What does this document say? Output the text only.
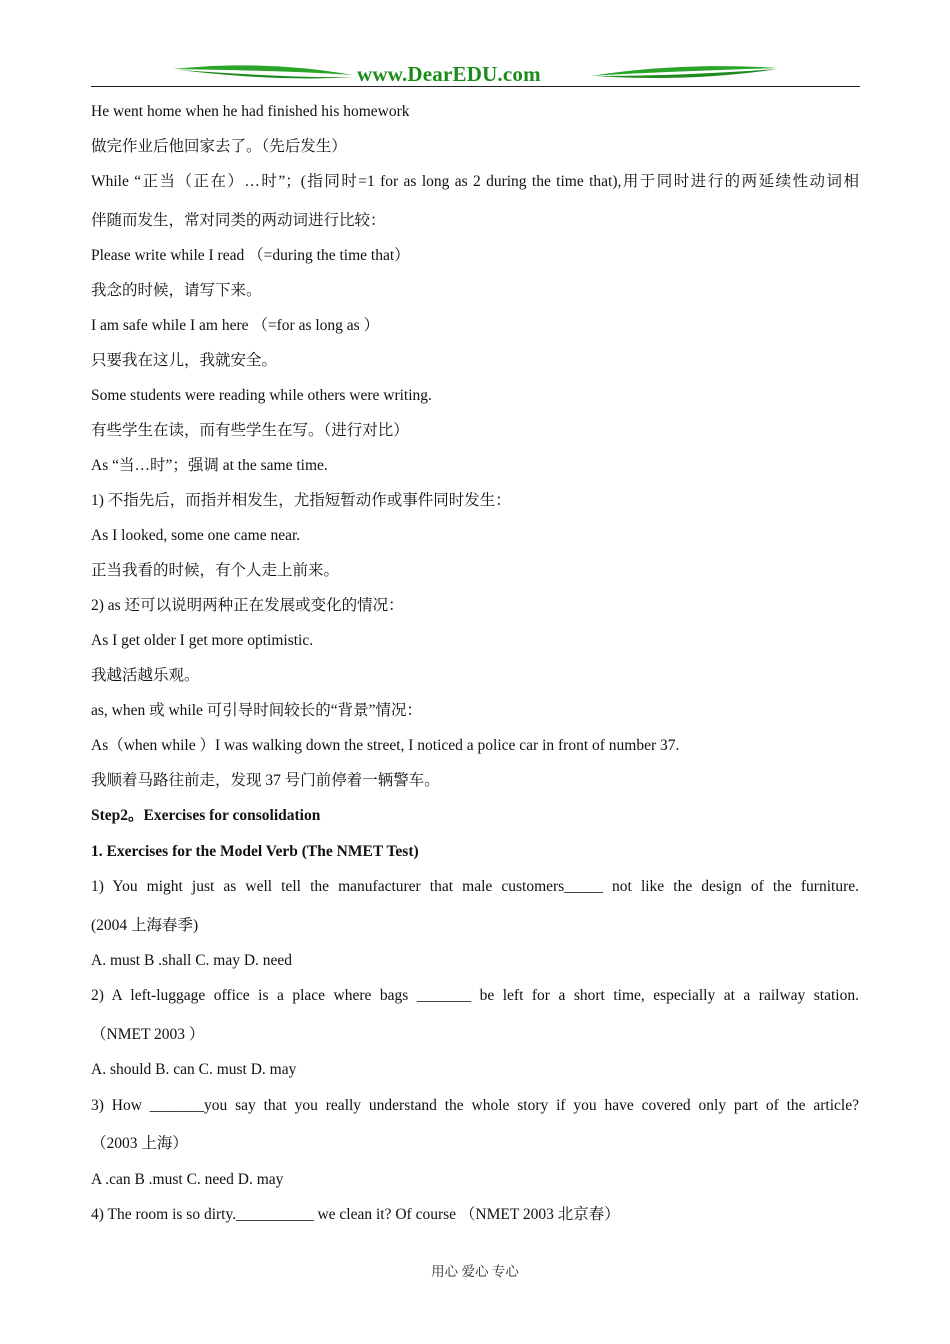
www.DearEDU.com
He went home when he had finished his homework
做完作业后他回家去了。（先后发生）
While “正当（正在）…时”；(指同时=1 for as long as 2 during the time that),用于同时进行的两延续性动词相
伴随而发生，常对同类的两动词进行比较：
Please write while I read （=during the time that）
我念的时候，请写下来。
I am safe while I am here （=for as long as ）
只要我在这儿，我就安全。
Some students were reading while others were writing.
有些学生在读，而有些学生在写。（进行对比）
As “当…时”；强调 at the same time.
1) 不指先后，而指并相发生，尤指短暂动作或事件同时发生：
As I looked, some one came near.
正当我看的时候，有个人走上前来。
2) as 还可以说明两种正在发展或变化的情况：
As I get older I get more optimistic.
我越活越乐观。
as, when 或 while 可引导时间较长的“背景”情况：
As（when while ）I was walking down the street, I noticed a police car in front of number 37.
我顺着马路往前走，发现 37 号门前停着一辆警车。
Step2。Exercises for consolidation
1. Exercises for the Model Verb (The NMET Test)
1) You might just as well tell the manufacturer that male customers_____ not like the design of the furniture.
(2004 上海春季)
A. must B .shall C. may D. need
2) A left-luggage office is a place where bags _______ be left for a short time, especially at a railway station.
（NMET 2003 ）
A. should B. can C. must D. may
3) How _______you say that you really understand the whole story if you have covered only part of the article?
（2003 上海）
A .can B .must C. need D. may
4) The room is so dirty.__________ we clean it? Of course （NMET 2003 北京春）
用心 爱心 专心
